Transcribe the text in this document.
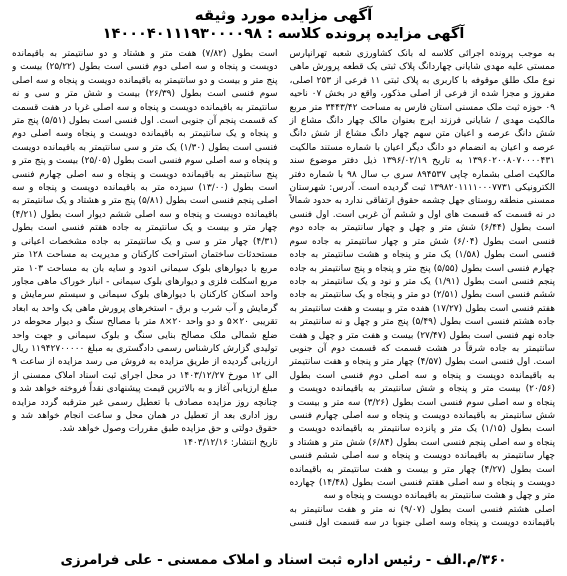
آگهی مزایده مورد وثیقه
آگهی مزایده پرونده کلاسه : ۱۴۰۰۰۴۰۱۱۱۹۳۰۰۰۰۹۸

به موجب پرونده اجرائی کلاسه له بانک کشاورزی شعبه تهرانپارس ممستی علیه مهدی شایانی چهاردانگ پلاک ثبتی یک قطعه پرورش ماهی نوع ملک طلق موقوفه با کاربری به پلاک ثبتی ۱۱ فرعی از ۲۵۳ اصلی، مفروز و مجزا شده از فرعی از اصلی مذکور، واقع در بخش ۰۷ ناحیه ۰۹ حوزه ثبت ملک ممسنی استان فارس به مساحت ۳۴۴۳/۴۲ متر مربع مالکیت مهدی / شایانی فرزند ایرج بعنوان مالک چهار دانگ مشاع از شش دانگ عرصه و اعیان متن سهم چهار دانگ مشاع از شش دانگ عرصه و اعیان به انضمام دو دانگ دیگر اعیان با شماره مستند مالکیت ۱۳۹۶۰۲۰۰۸۰۷۰۰۰۰۴۳۱ به تاریخ ۱۳۹۶/۰۲/۱۹ ذیل دفتر موضوع سند مالکیت اصلی بشماره چاپی ۸۹۴۵۳۷ سری ب سال ۹۸ با شماره دفتر الکترونیکی ۱۳۹۸۲۰۱۱۱۱۰۰۰۷۷۳۱ ثبت گردیده است. آدرس: شهرستان ممسنی منطقه روستای جهل چشمه حقوق ارتفاقی ندارد به حدود شمالاً در نه قسمت که قسمت های اول و ششم آن غربی است. اول فنسی است بطول (۶/۴۴) شش متر و چهل و چهار سانتیمتر به جاده دوم فنسی است بطول (۶/۰۴) شش متر و چهار سانتیمتر به جاده سوم فنسی است بطول (۱/۵۸) یک متر و پنجاه و هشت سانتیمتر به جاده چهارم فنسی است بطول (۵/۵۵) پنج متر و پنجاه و پنج سانتیمتر به جاده پنجم فنسی است بطول (۱/۹۱) یک متر و نود و یک سانتیمتر به جاده ششم فنسی است بطول (۲/۵۱) دو متر و پنجاه و یک سانتیمتر به جاده هفتم فنسی است بطول (۱۷/۲۷) هفده متر و بیست و هفت سانتیمتر به جاده هشتم فنسی است بطول (۵/۴۹) پنج متر و چهل و نه سانتیمتر به جاده نهم فنسی است بطول (۲۷/۴۷) بیست و هفت متر و چهل و هفت سانتیمتر به جاده شرقاً در هشت قسمت که قسمت دوم آن جنوبی است. اول فنسی است بطول (۴/۵۷) چهار متر و پنجاه و هفت سانتیمتر به باقیمانده دویست و پنجاه و سه اصلی دوم فنسی است بطول (۲۰/۵۶) بیست متر و پنجاه و شش سانتیمتر به باقیمانده دویست و پنجاه و سه اصلی سوم فنسی است بطول (۳/۲۶) سه متر و بیست و شش سانتیمتر به باقیمانده دویست و پنجاه و سه اصلی چهارم فنسی است بطول (۱/۱۵) یک متر و پانزده سانتیمتر به باقیمانده دویست و پنجاه و سه اصلی پنجم فنسی است بطول (۶/۸۴) شش متر و هشتاد و چهار سانتیمتر به باقیمانده دویست و پنجاه و سه اصلی ششم فنسی است بطول (۴/۲۷) چهار متر و بیست و هفت سانتیمتر به باقیمانده دویست و پنجاه و سه اصلی هفتم فنسی است بطول (۱۴/۴۸) چهارده متر و چهل و هشت سانتیمتر به باقیمانده دویست و پنجاه و سه

اصلی هشتم فنسی است بطول (۹/۰۷) نه متر و هفت سانتیمتر به باقیمانده دویست و پنجاه وسه اصلی جنوبا در سه قسمت اول فنسی است بطول (۷/۸۲) هفت متر و هشتاد و دو سانتیمتر به باقیمانده دویست و پنجاه و سه اصلی دوم فنسی است بطول (۲۵/۲۲) بیست و پنج متر و بیست و دو سانتیمتر به باقیمانده دویست و پنجاه و سه اصلی سوم فنسی است بطول (۲۶/۳۹) بیست و شش متر و سی و نه سانتیمتر به باقیمانده دویست و پنجاه و سه اصلی غربا در هفت قسمت که قسمت پنجم آن جنوبی است. اول فنسی است بطول (۵/۵۱) پنج متر و پنجاه و یک سانتیمتر به باقیمانده دویست و پنجاه وسه اصلی دوم فنسی است بطول (۱/۳۰) یک متر و سی سانتیمتر به باقیمانده دویست و پنجاه و سه اصلی سوم فنسی است بطول (۲۵/۰۵) بیست و پنج متر و پنج سانتیمتر به باقیمانده دویست و پنجاه و سه اصلی چهارم فنسی است بطول (۱۳/۰۰) سیزده متر به باقیمانده دویست و پنجاه و سه اصلی پنجم فنسی است بطول (۵/۸۱) پنج متر و هشتاد و یک سانتیمتر به باقیمانده دویست و پنجاه و سه اصلی ششم دیوار است بطول (۴/۲۱) چهار متر و بیست و یک سانتیمتر به جاده هفتم فنسی است بطول (۴/۳۱) چهار متر و سی و یک سانتیمتر به جاده مشخصات اعیانی و مستحدثات ساختمان استراحت کارکنان و مدیریت به مساحت ۱۲۸ متر مربع با دیوارهای بلوک سیمانی اندود و سایه بان به مساحت ۱۰۳ متر مربع اسکلت فلزی و دیوارهای بلوک سیمانی - انبار خوراک ماهی مجاور واحد اسکان کارکنان با دیوارهای بلوک سیمانی و سیستم سرمایش و گرمایش و آب شرب و برق - استخرهای پرورش ماهی یک واحد به ابعاد تقریبی ۲۰×۵ و دو واحد ۲۰×۸ متر با مصالح سنگ و دیوار محوطه در ضلع شمالی ملک مصالح بنایی سنگ و بلوک سیمانی و جهت واحد تولیدی گزارش کارشناس رسمی دادگستری به مبلغ ۱۱۹۴۲۷۰۰۰۰۰ ریال ارزیابی گردیده از طریق مزایده به فروش می رسد مزایده از ساعت ۹ الی ۱۲ مورخ ۱۴۰۳/۱۲/۲۷ در محل اجرای ثبت اسناد املاک ممسنی از مبلغ ارزیابی آغاز و به بالاترین قیمت پیشنهادی نقداً فروخته خواهد شد و چنانچه روز مزایده مصادف با تعطیل رسمی غیر مترقبه گردد مزایده روز اداری بعد از تعطیل در همان محل و ساعت انجام خواهد شد و حقوق دولتی و حق مزایده طبق مقررات وصول خواهد شد.

تاریخ انتشار: ۱۴۰۳/۱۲/۱۶

۳۶۰/م.الف - رئیس اداره ثبت اسناد و املاک ممسنی - علی فرامرزی
